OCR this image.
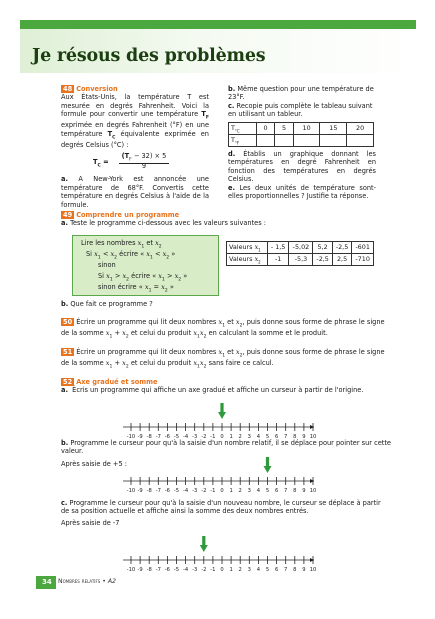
Je résous des problèmes

48 Conversion

Aux États-Unis, la température T est mesurée en degrés Fahrenheit. Voici la formule pour convertir une température $T_F$ exprimée en degrés Fahrenheit (°F) en une température $T_C$ équivalente exprimée en degrés Celsius (°C) :

$T_C$ =
$(T_F - 32) \times 5$
9

a. A New-York est annoncée une température de 68°F. Convertis cette température en degrés Celsius à l'aide de la formule.

b. Même question pour une température de 23°F.

c. Recopie puis complète le tableau suivant en utilisant un tableur.

$T_{^\circ C}$	0	5	10	15	20
$T_{^\circ F}$					

d. Établis un graphique donnant les températures en degré Fahrenheit en fonction des températures en degrés Celsius.

e. Les deux unités de température sont-elles proportionnelles ? Justifie ta réponse.

49 Comprendre un programme

a. Teste le programme ci-dessous avec les valeurs suivantes :

Lire les nombres $x_1$ et $x_2$
Si $x_1 < x_2$ écrire « $x_1 < x_2$ »
sinon
Si $x_1 > x_2$ écrire « $x_1 > x_2$ »
sinon écrire « $x_1 = x_2$ »
Valeurs $x_1$	- 1,5	-5,02	5,2	-2,5	-601
Valeurs $x_2$	-1	-5,3	-2,5	2,5	-710
b. Que fait ce programme ?

50 Écrire un programme qui lit deux nombres $x_1$ et $x_2$, puis donne sous forme de phrase le signe de la somme $x_1 + x_2$ et celui du produit $x_1x_2$ en calculant la somme et le produit.

51 Écrire un programme qui lit deux nombres $x_1$ et $x_2$, puis donne sous forme de phrase le signe de la somme $x_1 + x_2$ et celui du produit $x_1x_2$ sans faire ce calcul.

52 Axe gradué et somme

a. Écris un programme qui affiche un axe gradué et affiche un curseur à partir de l'origine.

-10 -9 -8 -7 -6 -5 -4 -3 -2 -1 0 1 2 3 4 5 6 7 8 9 10

b. Programme le curseur pour qu'à la saisie d'un nombre relatif, il se déplace pour pointer sur cette valeur.

Après saisie de +5 :

-10 -9 -8 -7 -6 -5 -4 -3 -2 -1 0 1 2 3 4 5 6 7 8 9 10

c. Programme le curseur pour qu'à la saisie d'un nouveau nombre, le curseur se déplace à partir de sa position actuelle et affiche ainsi la somme des deux nombres entrés.

Après saisie de -7

-10 -9 -8 -7 -6 -5 -4 -3 -2 -1 0 1 2 3 4 5 6 7 8 9 10
34	Nombres relatifs • A2
